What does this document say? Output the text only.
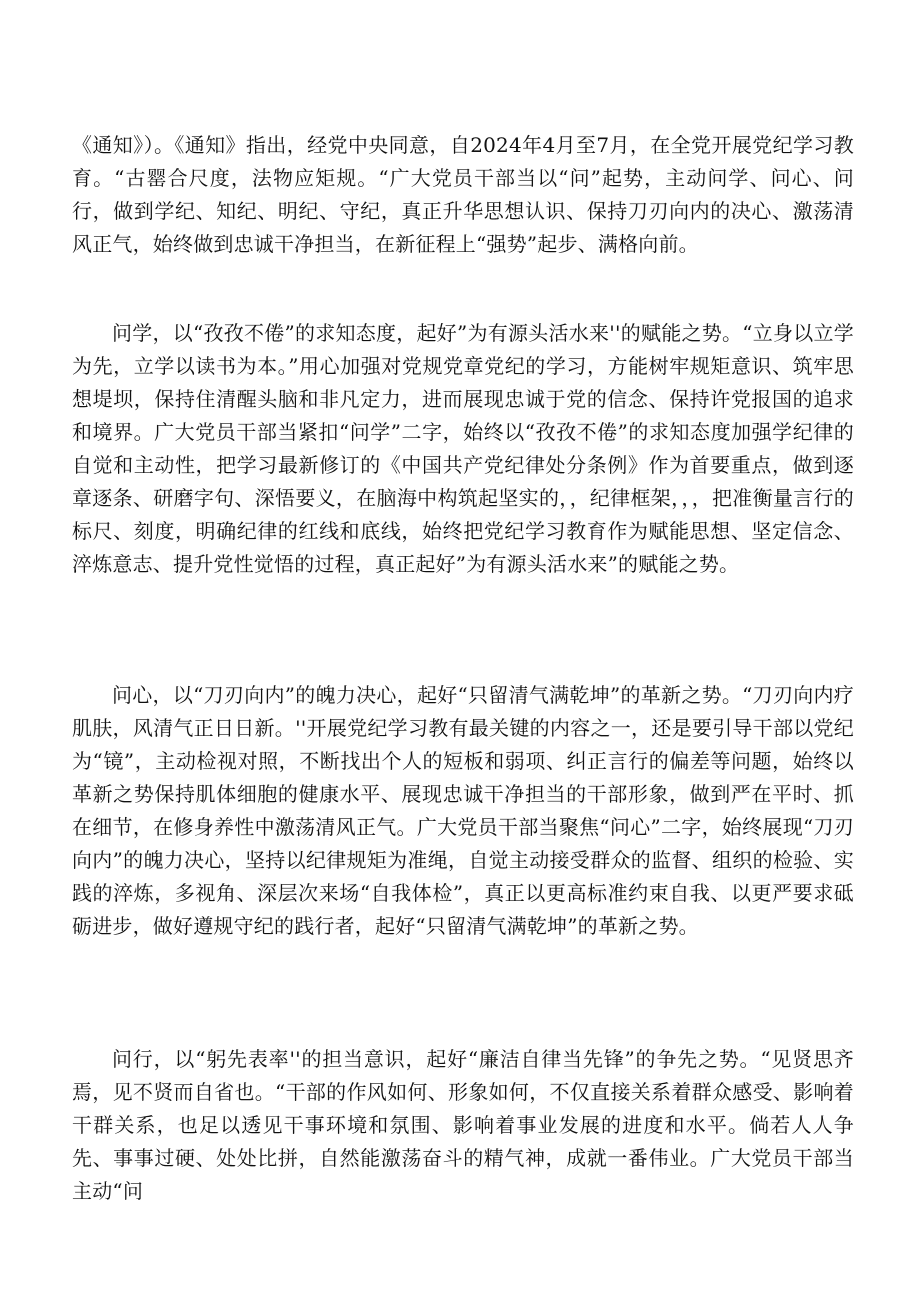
《通知》）。《通知》指出，经党中央同意，自2024年4月至7月，在全党开展党纪学习教育。“古罂合尺度，法物应矩规。“广大党员干部当以“问”起势，主动问学、问心、问行，做到学纪、知纪、明纪、守纪，真正升华思想认识、保持刀刃向内的决心、激荡清风正气，始终做到忠诚干净担当，在新征程上“强势”起步、满格向前。
问学，以“孜孜不倦”的求知态度，起好”为有源头活水来''的赋能之势。“立身以立学为先，立学以读书为本。”用心加强对党规党章党纪的学习，方能树牢规矩意识、筑牢思想堤坝，保持住清醒头脑和非凡定力，进而展现忠诚于党的信念、保持许党报国的追求和境界。广大党员干部当紧扣“问学”二字，始终以“孜孜不倦”的求知态度加强学纪律的自觉和主动性，把学习最新修订的《中国共产党纪律处分条例》作为首要重点，做到逐章逐条、研磨字句、深悟要义，在脑海中构筑起坚实的，，纪律框架，，，把准衡量言行的标尺、刻度，明确纪律的红线和底线，始终把党纪学习教育作为赋能思想、坚定信念、淬炼意志、提升党性觉悟的过程，真正起好”为有源头活水来”的赋能之势。
问心，以“刀刃向内”的魄力决心，起好“只留清气满乾坤”的革新之势。“刀刃向内疗肌肤，风清气正日日新。''开展党纪学习教有最关键的内容之一，还是要引导干部以党纪为“镜”，主动检视对照，不断找出个人的短板和弱项、纠正言行的偏差等问题，始终以革新之势保持肌体细胞的健康水平、展现忠诚干净担当的干部形象，做到严在平时、抓在细节，在修身养性中激荡清风正气。广大党员干部当聚焦“问心”二字，始终展现“刀刃向内”的魄力决心，坚持以纪律规矩为准绳，自觉主动接受群众的监督、组织的检验、实践的淬炼，多视角、深层次来场“自我体检”，真正以更高标准约束自我、以更严要求砥砺进步，做好遵规守纪的践行者，起好“只留清气满乾坤”的革新之势。
问行，以“躬先表率''的担当意识，起好“廉洁自律当先锋”的争先之势。“见贤思齐焉，见不贤而自省也。“干部的作风如何、形象如何，不仅直接关系着群众感受、影响着干群关系，也足以透见干事环境和氛围、影响着事业发展的进度和水平。倘若人人争先、事事过硬、处处比拼，自然能激荡奋斗的精气神，成就一番伟业。广大党员干部当主动“问
